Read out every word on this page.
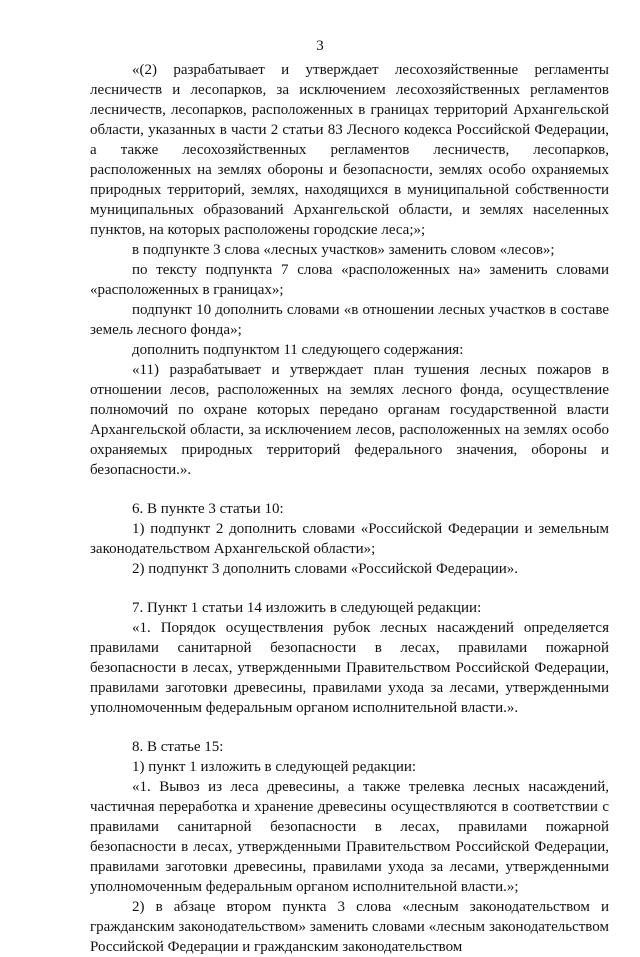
3

«(2) разрабатывает и утверждает лесохозяйственные регламенты лесничеств и лесопарков, за исключением лесохозяйственных регламентов лесничеств, лесопарков, расположенных в границах территорий Архангельской области, указанных в части 2 статьи 83 Лесного кодекса Российской Федерации, а также лесохозяйственных регламентов лесничеств, лесопарков, расположенных на землях обороны и безопасности, землях особо охраняемых природных территорий, землях, находящихся в муниципальной собственности муниципальных образований Архангельской области, и землях населенных пунктов, на которых расположены городские леса;»;

в подпункте 3 слова «лесных участков» заменить словом «лесов»;

по тексту подпункта 7 слова «расположенных на» заменить словами «расположенных в границах»;

подпункт 10 дополнить словами «в отношении лесных участков в составе земель лесного фонда»;

дополнить подпунктом 11 следующего содержания:

«11) разрабатывает и утверждает план тушения лесных пожаров в отношении лесов, расположенных на землях лесного фонда, осуществление полномочий по охране которых передано органам государственной власти Архангельской области, за исключением лесов, расположенных на землях особо охраняемых природных территорий федерального значения, обороны и безопасности.».

6. В пункте 3 статьи 10:

1) подпункт 2 дополнить словами «Российской Федерации и земельным законодательством Архангельской области»;

2) подпункт 3 дополнить словами «Российской Федерации».

7. Пункт 1 статьи 14 изложить в следующей редакции:

«1. Порядок осуществления рубок лесных насаждений определяется правилами санитарной безопасности в лесах, правилами пожарной безопасности в лесах, утвержденными Правительством Российской Федерации, правилами заготовки древесины, правилами ухода за лесами, утвержденными уполномоченным федеральным органом исполнительной власти.».

8. В статье 15:

1) пункт 1 изложить в следующей редакции:

«1. Вывоз из леса древесины, а также трелевка лесных насаждений, частичная переработка и хранение древесины осуществляются в соответствии с правилами санитарной безопасности в лесах, правилами пожарной безопасности в лесах, утвержденными Правительством Российской Федерации, правилами заготовки древесины, правилами ухода за лесами, утвержденными уполномоченным федеральным органом исполнительной власти.»;

2) в абзаце втором пункта 3 слова «лесным законодательством и гражданским законодательством» заменить словами «лесным законодательством Российской Федерации и гражданским законодательством
